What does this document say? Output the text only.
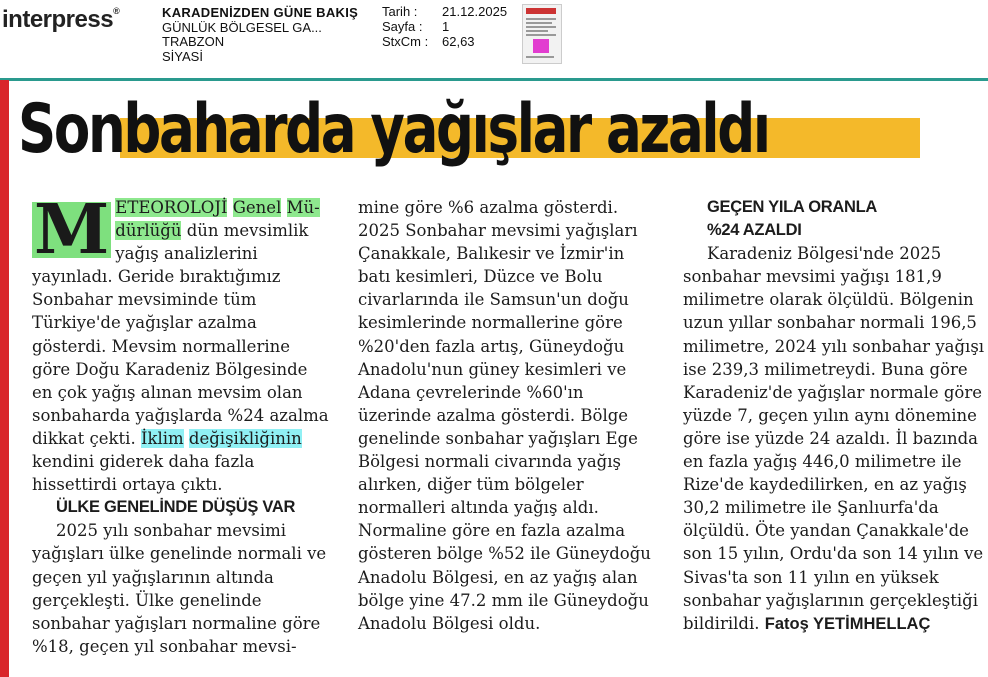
interpress®	KARADENİZDEN GÜNE BAKIŞ
GÜNLÜK BÖLGESEL GA...
TRABZON
SİYASİ
Tarih :	21.12.2025
Sayfa :	1
StxCm :	62,63
Sonbaharda yağışlar azaldı

M ETEOROLOJİ Genel Mü- dürlüğü dün mevsimlik yağış analizlerini yayınladı. Geride bıraktığımız Sonbahar mevsiminde tüm Türkiye'de yağışlar azalma gösterdi. Mevsim normallerine göre Doğu Karadeniz Bölgesinde en çok yağış alınan mevsim olan sonbaharda yağışlarda %24 azalma dikkat çekti. İklim değişikliğinin kendini giderek daha fazla hissettirdi ortaya çıktı.

ÜLKE GENELİNDE DÜŞÜŞ VAR

2025 yılı sonbahar mevsimi yağışları ülke genelinde normali ve geçen yıl yağışlarının altında gerçekleşti. Ülke genelinde sonbahar yağışları normaline göre %18, geçen yıl sonbahar mevsi-

mine göre %6 azalma gösterdi. 2025 Sonbahar mevsimi yağışları Çanakkale, Balıkesir ve İzmir'in batı kesimleri, Düzce ve Bolu civarlarında ile Samsun'un doğu kesimlerinde normallerine göre %20'den fazla artış, Güneydoğu Anadolu'nun güney kesimleri ve Adana çevrelerinde %60'ın üzerinde azalma gösterdi. Bölge genelinde sonbahar yağışları Ege Bölgesi normali civarında yağış alırken, diğer tüm bölgeler normalleri altında yağış aldı. Normaline göre en fazla azalma gösteren bölge %52 ile Güneydoğu Anadolu Bölgesi, en az yağış alan bölge yine 47.2 mm ile Güneydoğu Anadolu Bölgesi oldu.

GEÇEN YILA ORANLA

%24 AZALDI

Karadeniz Bölgesi'nde 2025 sonbahar mevsimi yağışı 181,9 milimetre olarak ölçüldü. Bölgenin uzun yıllar sonbahar normali 196,5 milimetre, 2024 yılı sonbahar yağışı ise 239,3 milimetreydi. Buna göre Karadeniz'de yağışlar normale göre yüzde 7, geçen yılın aynı dönemine göre ise yüzde 24 azaldı. İl bazında en fazla yağış 446,0 milimetre ile Rize'de kaydedilirken, en az yağış 30,2 milimetre ile Şanlıurfa'da ölçüldü. Öte yandan Çanakkale'de son 15 yılın, Ordu'da son 14 yılın ve Sivas'ta son 11 yılın en yüksek sonbahar yağışlarının gerçekleştiği bildirildi. Fatoş YETİMHELLAÇ
